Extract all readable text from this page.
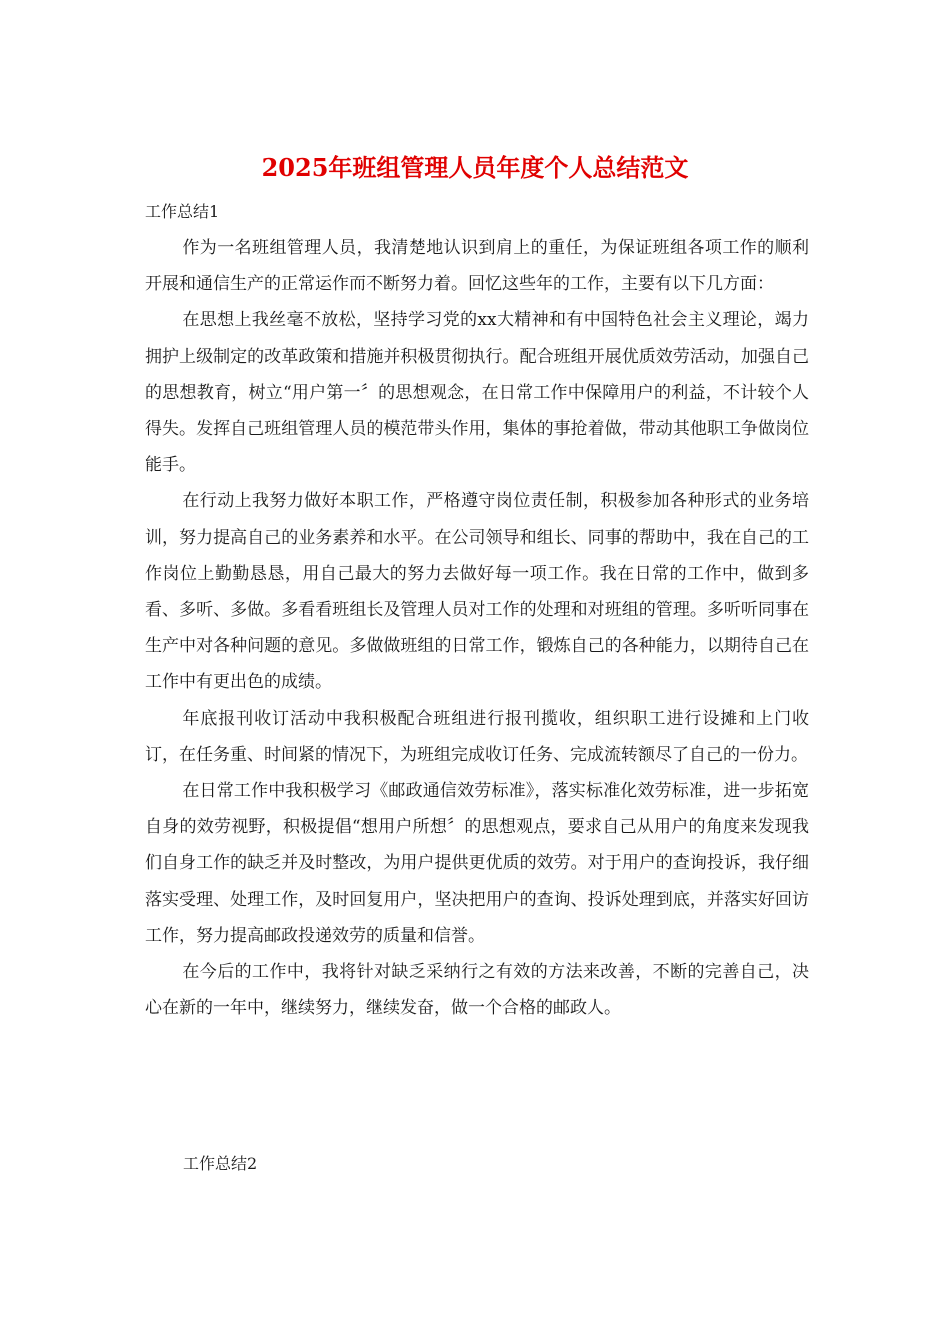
2025年班组管理人员年度个人总结范文
工作总结1

作为一名班组管理人员，我清楚地认识到肩上的重任，为保证班组各项工作的顺利开展和通信生产的正常运作而不断努力着。回忆这些年的工作，主要有以下几方面：

在思想上我丝毫不放松，坚持学习党的xx大精神和有中国特色社会主义理论，竭力拥护上级制定的改革政策和措施并积极贯彻执行。配合班组开展优质效劳活动，加强自己的思想教育，树立“用户第一〞的思想观念，在日常工作中保障用户的利益，不计较个人得失。发挥自己班组管理人员的模范带头作用，集体的事抢着做，带动其他职工争做岗位能手。

在行动上我努力做好本职工作，严格遵守岗位责任制，积极参加各种形式的业务培训，努力提高自己的业务素养和水平。在公司领导和组长、同事的帮助中，我在自己的工作岗位上勤勤恳恳，用自己最大的努力去做好每一项工作。我在日常的工作中，做到多看、多听、多做。多看看班组长及管理人员对工作的处理和对班组的管理。多听听同事在生产中对各种问题的意见。多做做班组的日常工作，锻炼自己的各种能力，以期待自己在工作中有更出色的成绩。

年底报刊收订活动中我积极配合班组进行报刊揽收，组织职工进行设摊和上门收订，在任务重、时间紧的情况下，为班组完成收订任务、完成流转额尽了自己的一份力。

在日常工作中我积极学习《邮政通信效劳标准》，落实标准化效劳标准，进一步拓宽自身的效劳视野，积极提倡“想用户所想〞的思想观点，要求自己从用户的角度来发现我们自身工作的缺乏并及时整改，为用户提供更优质的效劳。对于用户的查询投诉，我仔细落实受理、处理工作，及时回复用户，坚决把用户的查询、投诉处理到底，并落实好回访工作，努力提高邮政投递效劳的质量和信誉。

在今后的工作中，我将针对缺乏采纳行之有效的方法来改善，不断的完善自己，决心在新的一年中，继续努力，继续发奋，做一个合格的邮政人。

工作总结2
